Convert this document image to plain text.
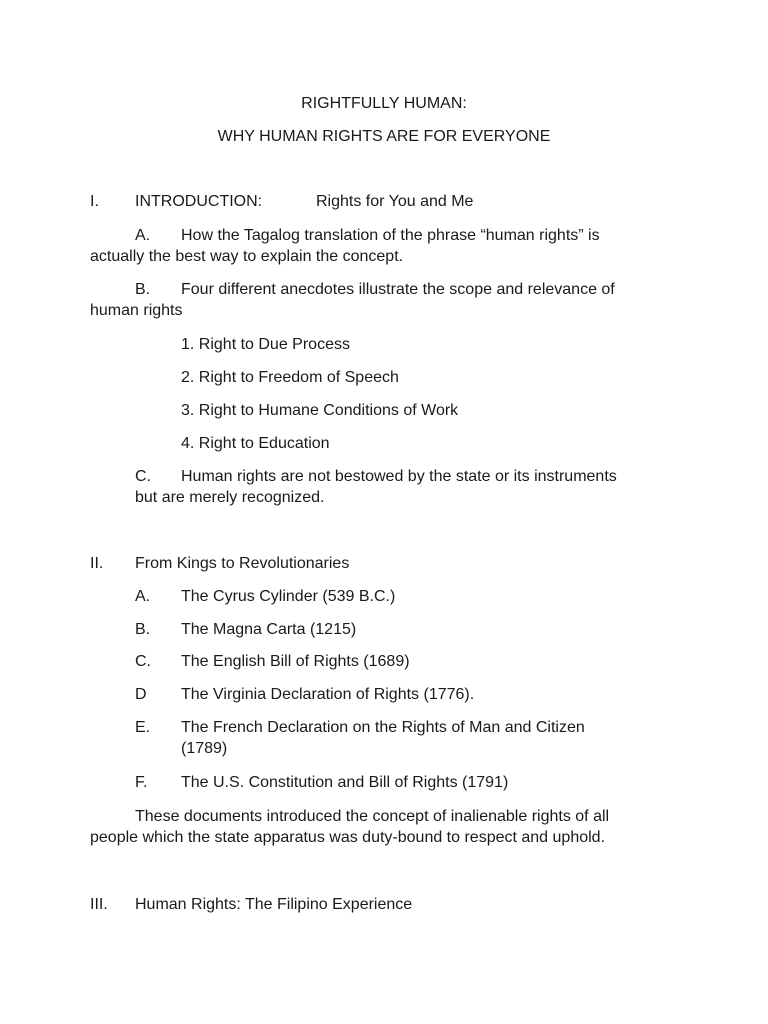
RIGHTFULLY HUMAN:
WHY HUMAN RIGHTS ARE FOR EVERYONE
I. INTRODUCTION:	Rights for You and Me
A. How the Tagalog translation of the phrase “human rights” is
actually the best way to explain the concept.
B. Four different anecdotes illustrate the scope and relevance of
human rights
1. Right to Due Process
2. Right to Freedom of Speech
3. Right to Humane Conditions of Work
4. Right to Education
C. Human rights are not bestowed by the state or its instruments
but are merely recognized.
II. From Kings to Revolutionaries
A. The Cyrus Cylinder (539 B.C.)
B. The Magna Carta (1215)
C. The English Bill of Rights (1689)
D The Virginia Declaration of Rights (1776).
E. The French Declaration on the Rights of Man and Citizen
(1789)
F. The U.S. Constitution and Bill of Rights (1791)
These documents introduced the concept of inalienable rights of all
people which the state apparatus was duty-bound to respect and uphold.
III. Human Rights: The Filipino Experience
